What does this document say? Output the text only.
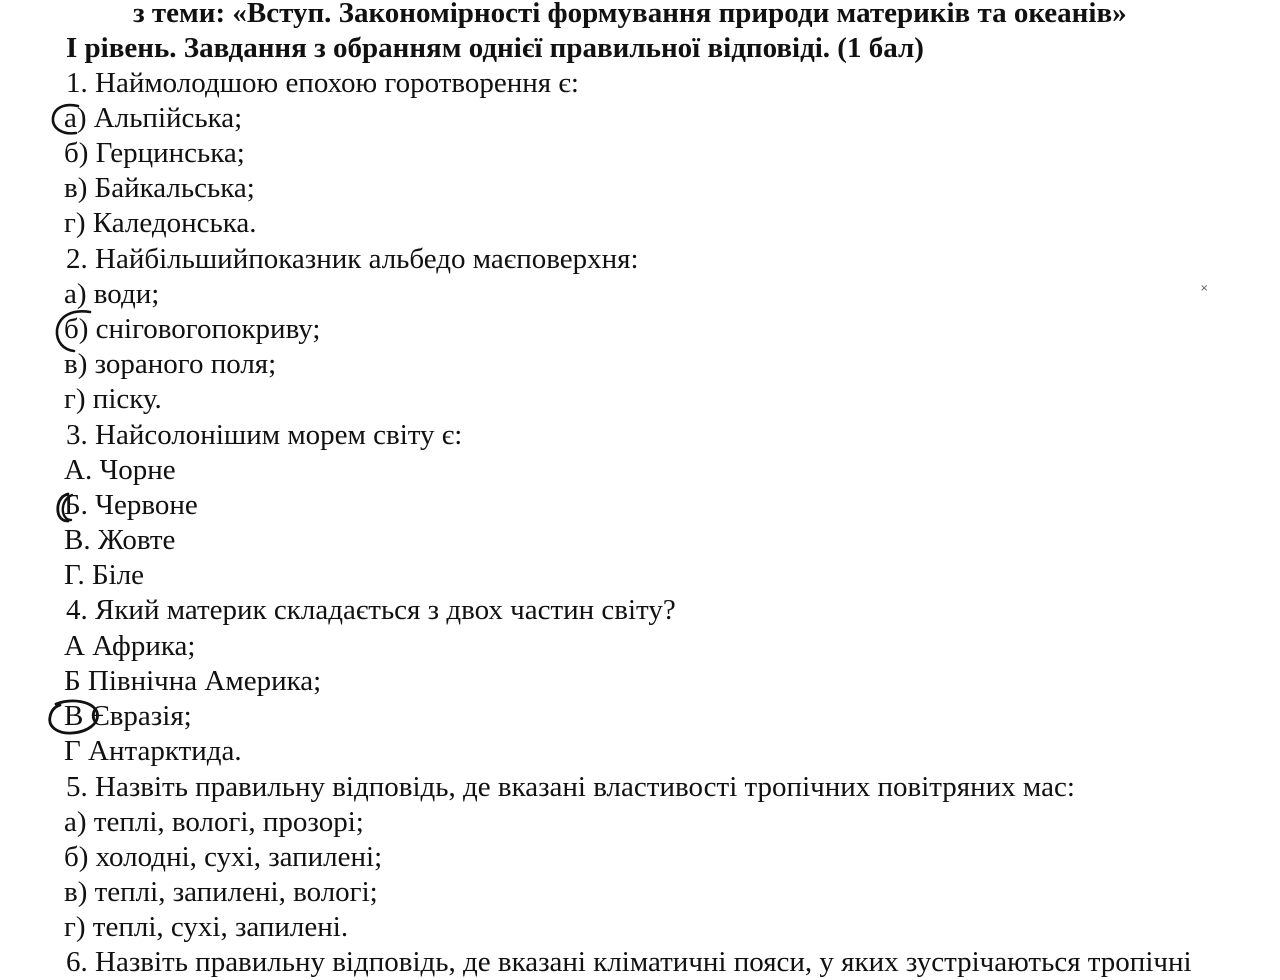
з теми: «Вступ. Закономірності формування природи материків та океанів»
І рівень. Завдання з обранням однієї правильної відповіді. (1 бал)
1. Наймолодшою епохою горотворення є:
а) Альпійська;
б) Герцинська;
в) Байкальська;
г) Каледонська.
2. Найбільшийпоказник альбедо маєповерхня:
а) води;
б) сніговогопокриву;
в) зораного поля;
г) піску.
3. Найсолонішим морем світу є:
А. Чорне
Б. Червоне
В. Жовте
Г. Біле
4. Який материк складається з двох частин світу?
А Африка;
Б Північна Америка;
В Євразія;
Г Антарктида.
5. Назвіть правильну відповідь, де вказані властивості тропічних повітряних мас:
а) теплі, вологі, прозорі;
б) холодні, сухі, запилені;
в) теплі, запилені, вологі;
г) теплі, сухі, запилені.
6. Назвіть правильну відповідь, де вказані кліматичні пояси, у яких зустрічаються тропічні
×
